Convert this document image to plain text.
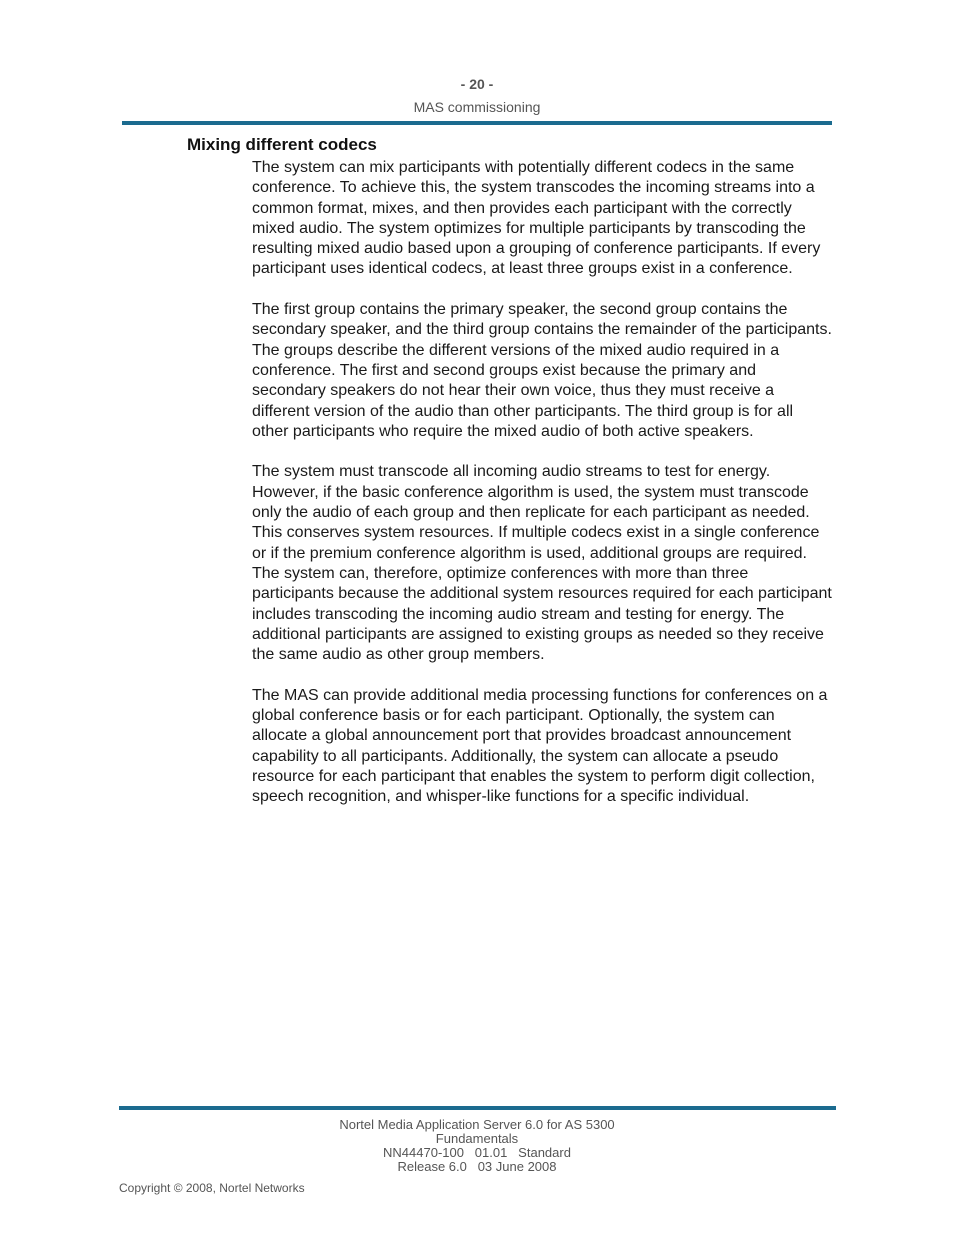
- 20 -
MAS commissioning
Mixing different codecs

The system can mix participants with potentially different codecs in the same conference. To achieve this, the system transcodes the incoming streams into a common format, mixes, and then provides each participant with the correctly mixed audio. The system optimizes for multiple participants by transcoding the resulting mixed audio based upon a grouping of conference participants. If every participant uses identical codecs, at least three groups exist in a conference.

The first group contains the primary speaker, the second group contains the secondary speaker, and the third group contains the remainder of the participants. The groups describe the different versions of the mixed audio required in a conference. The first and second groups exist because the primary and secondary speakers do not hear their own voice, thus they must receive a different version of the audio than other participants. The third group is for all other participants who require the mixed audio of both active speakers.

The system must transcode all incoming audio streams to test for energy. However, if the basic conference algorithm is used, the system must transcode only the audio of each group and then replicate for each participant as needed. This conserves system resources. If multiple codecs exist in a single conference or if the premium conference algorithm is used, additional groups are required. The system can, therefore, optimize conferences with more than three participants because the additional system resources required for each participant includes transcoding the incoming audio stream and testing for energy. The additional participants are assigned to existing groups as needed so they receive the same audio as other group members.

The MAS can provide additional media processing functions for conferences on a global conference basis or for each participant. Optionally, the system can allocate a global announcement port that provides broadcast announcement capability to all participants. Additionally, the system can allocate a pseudo resource for each participant that enables the system to perform digit collection, speech recognition, and whisper-like functions for a specific individual.

Nortel Media Application Server 6.0 for AS 5300
Fundamentals
NN44470-100   01.01   Standard
Release 6.0   03 June 2008
Copyright © 2008, Nortel Networks
